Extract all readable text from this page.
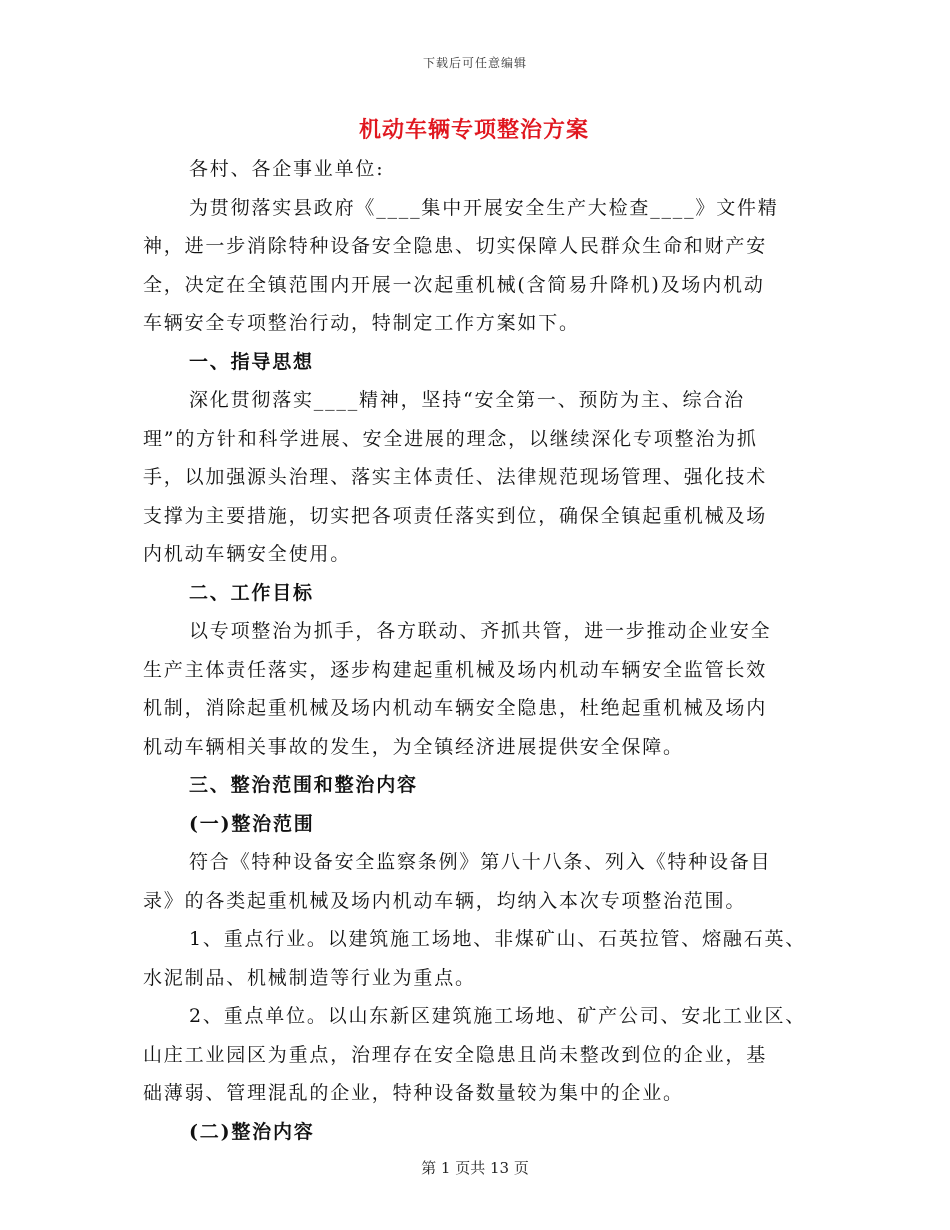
下载后可任意编辑
机动车辆专项整治方案
各村、各企事业单位:
为贯彻落实县政府《____集中开展安全生产大检查____》文件精
神，进一步消除特种设备安全隐患、切实保障人民群众生命和财产安
全，决定在全镇范围内开展一次起重机械(含简易升降机)及场内机动
车辆安全专项整治行动，特制定工作方案如下。
一、指导思想
深化贯彻落实____精神，坚持“安全第一、预防为主、综合治
理”的方针和科学进展、安全进展的理念，以继续深化专项整治为抓
手，以加强源头治理、落实主体责任、法律规范现场管理、强化技术
支撑为主要措施，切实把各项责任落实到位，确保全镇起重机械及场
内机动车辆安全使用。
二、工作目标
以专项整治为抓手，各方联动、齐抓共管，进一步推动企业安全
生产主体责任落实，逐步构建起重机械及场内机动车辆安全监管长效
机制，消除起重机械及场内机动车辆安全隐患，杜绝起重机械及场内
机动车辆相关事故的发生，为全镇经济进展提供安全保障。
三、整治范围和整治内容
(一)整治范围
符合《特种设备安全监察条例》第八十八条、列入《特种设备目
录》的各类起重机械及场内机动车辆，均纳入本次专项整治范围。
1、重点行业。以建筑施工场地、非煤矿山、石英拉管、熔融石英、
水泥制品、机械制造等行业为重点。
2、重点单位。以山东新区建筑施工场地、矿产公司、安北工业区、
山庄工业园区为重点，治理存在安全隐患且尚未整改到位的企业，基
础薄弱、管理混乱的企业，特种设备数量较为集中的企业。
(二)整治内容
第 1 页共 13 页
